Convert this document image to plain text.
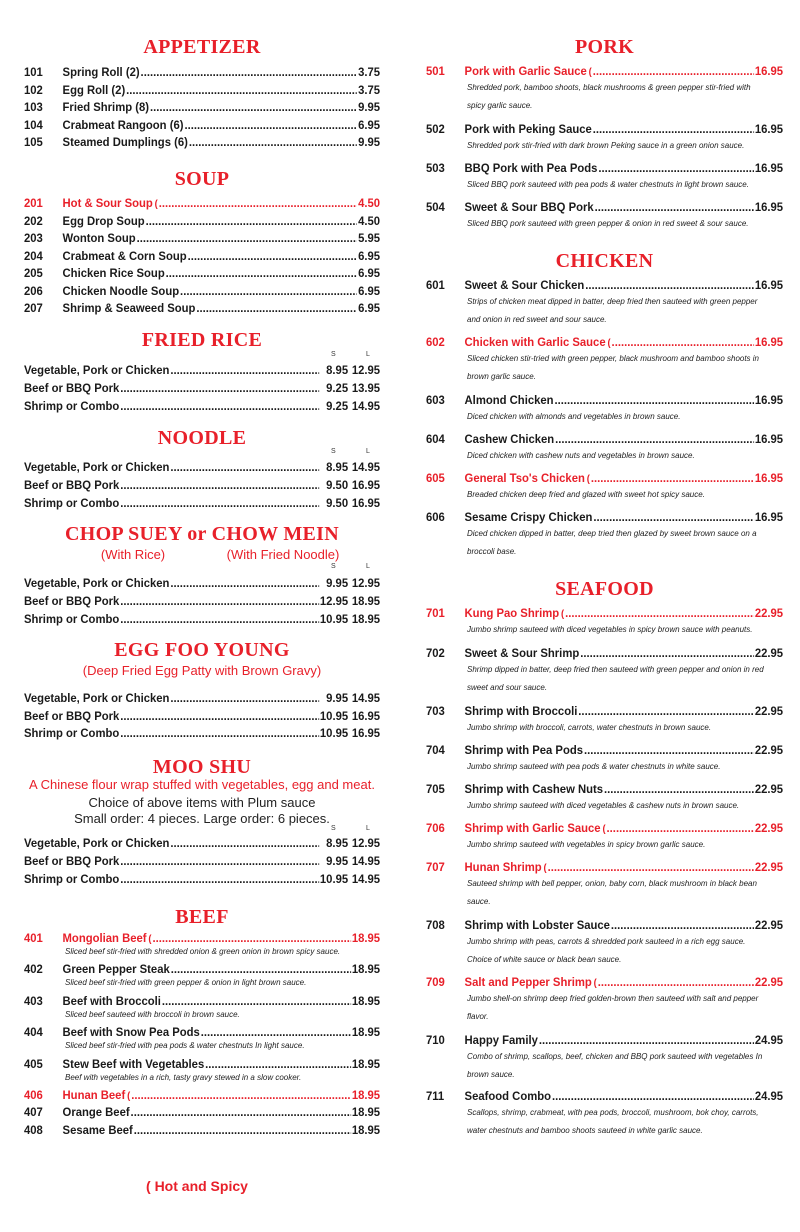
APPETIZER
101	Spring Roll (2) .....	3.75
102	Egg Roll (2) .....	3.75
103	Fried Shrimp (8) .....	9.95
104	Crabmeat Rangoon (6) .....	6.95
105	Steamed Dumplings (6) .....	9.95
SOUP
201	Hot & Sour Soup ( .....	4.50
202	Egg Drop Soup .....	4.50
203	Wonton Soup .....	5.95
204	Crabmeat & Corn Soup .....	6.95
205	Chicken Rice Soup .....	6.95
206	Chicken Noodle Soup .....	6.95
207	Shrimp & Seaweed Soup .....	6.95
FRIED RICE
S	L
Vegetable, Pork or Chicken .....	8.95 12.95
Beef or BBQ Pork .....	9.25 13.95
Shrimp or Combo .....	9.25 14.95
NOODLE
S	L
Vegetable, Pork or Chicken .....	8.95 14.95
Beef or BBQ Pork .....	9.50 16.95
Shrimp or Combo .....	9.50 16.95
CHOP SUEY or CHOW MEIN
(With Rice)	(With Fried Noodle)
S	L
Vegetable, Pork or Chicken .....	9.95 12.95
Beef or BBQ Pork .....	12.95 18.95
Shrimp or Combo .....	10.95 18.95
EGG FOO YOUNG
(Deep Fried Egg Patty with Brown Gravy)
Vegetable, Pork or Chicken .....	9.95 14.95
Beef or BBQ Pork .....	10.95 16.95
Shrimp or Combo .....	10.95 16.95
MOO SHU
A Chinese flour wrap stuffed with vegetables, egg and meat.
Choice of above items with Plum sauce
Small order: 4 pieces. Large order: 6 pieces.
S	L
Vegetable, Pork or Chicken .....	8.95 12.95
Beef or BBQ Pork .....	9.95 14.95
Shrimp or Combo .....	10.95 14.95
BEEF
401	Mongolian Beef ( .....	18.95
Sliced beef stir-fried with shredded onion & green onion in brown spicy sauce.
402	Green Pepper Steak .....	18.95
Sliced beef stir-fried with green pepper & onion in light brown sauce.
403	Beef with Broccoli .....	18.95
Sliced beef sauteed with broccoli in brown sauce.
404	Beef with Snow Pea Pods .....	18.95
Sliced beef stir-fried with pea pods & water chestnuts In light sauce.
405	Stew Beef with Vegetables .....	18.95
Beef with vegetables in a rich, tasty gravy stewed in a slow cooker.
406	Hunan Beef ( .....	18.95
407	Orange Beef .....	18.95
408	Sesame Beef .....	18.95
PORK
501	Pork with Garlic Sauce ( .....	16.95
Shredded pork, bamboo shoots, black mushrooms & green pepper stir-fried with spicy garlic sauce.
502	Pork with Peking Sauce .....	16.95
Shredded pork stir-fried with dark brown Peking sauce in a green onion sauce.
503	BBQ Pork with Pea Pods .....	16.95
Sliced BBQ pork sauteed with pea pods & water chestnuts in light brown sauce.
504	Sweet & Sour BBQ Pork .....	16.95
Sliced BBQ pork sauteed with green pepper & onion in red sweet & sour sauce.
CHICKEN
601	Sweet & Sour Chicken .....	16.95
Strips of chicken meat dipped in batter, deep fried then sauteed with green pepper and onion in red sweet and sour sauce.
602	Chicken with Garlic Sauce ( .....	16.95
Sliced chicken stir-tried with green pepper, black mushroom and bamboo shoots in brown garlic sauce.
603	Almond Chicken .....	16.95
Diced chicken with almonds and vegetables in brown sauce.
604	Cashew Chicken .....	16.95
Diced chicken with cashew nuts and vegetables in brown sauce.
605	General Tso's Chicken ( .....	16.95
Breaded chicken deep fried and glazed with sweet hot spicy sauce.
606	Sesame Crispy Chicken .....	16.95
Diced chicken dipped in batter, deep tried then glazed by sweet brown sauce on a broccoli base.
SEAFOOD
701	Kung Pao Shrimp ( .....	22.95
Jumbo shrimp sauteed with diced vegetables in spicy brown sauce with peanuts.
702	Sweet & Sour Shrimp .....	22.95
Shrimp dipped in batter, deep fried then sauteed with green pepper and onion in red sweet and sour sauce.
703	Shrimp with Broccoli .....	22.95
Jumbo shrimp with broccoli, carrots, water chestnuts in brown sauce.
704	Shrimp with Pea Pods .....	22.95
Jumbo shrimp sauteed with pea pods & water chestnuts in white sauce.
705	Shrimp with Cashew Nuts .....	22.95
Jumbo shrimp sauteed with diced vegetables & cashew nuts in brown sauce.
706	Shrimp with Garlic Sauce ( .....	22.95
Jumbo shrimp sauteed with vegetables in spicy brown garlic sauce.
707	Hunan Shrimp ( .....	22.95
Sauteed shrimp with bell pepper, onion, baby corn, black mushroom in black bean sauce.
708	Shrimp with Lobster Sauce .....	22.95
Jumbo shrimp with peas, carrots & shredded pork sauteed in a rich egg sauce. Choice of white sauce or black bean sauce.
709	Salt and Pepper Shrimp ( .....	22.95
Jumbo shell-on shrimp deep fried golden-brown then sauteed with salt and pepper flavor.
710	Happy Family .....	24.95
Combo of shrimp, scallops, beef, chicken and BBQ pork sauteed with vegetables In brown sauce.
711	Seafood Combo .....	24.95
Scallops, shrimp, crabmeat, with pea pods, broccoli, mushroom, bok choy, carrots, water chestnuts and bamboo shoots sauteed in white garlic sauce.
( Hot and Spicy
